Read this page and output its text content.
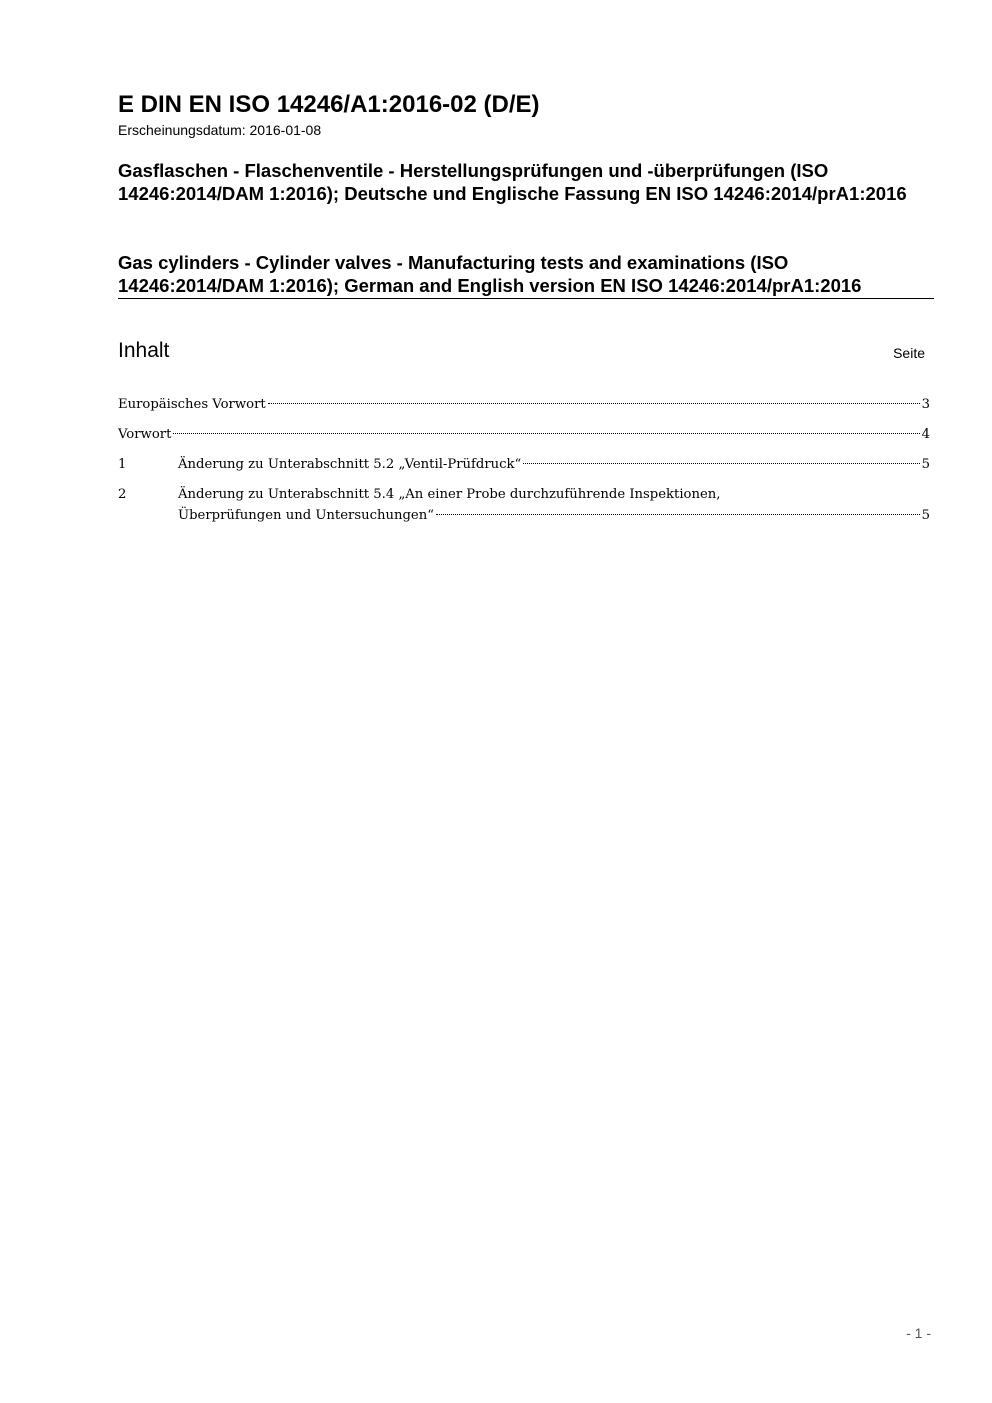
E DIN EN ISO 14246/A1:2016-02 (D/E)
Erscheinungsdatum: 2016-01-08
Gasflaschen - Flaschenventile - Herstellungsprüfungen und -überprüfungen (ISO 14246:2014/DAM 1:2016); Deutsche und Englische Fassung EN ISO 14246:2014/prA1:2016
Gas cylinders - Cylinder valves - Manufacturing tests and examinations (ISO 14246:2014/DAM 1:2016); German and English version EN ISO 14246:2014/prA1:2016
Inhalt	Seite
Europäisches Vorwort	3
Vorwort	4
1	Änderung zu Unterabschnitt 5.2 „Ventil-Prüfdruck“	5
2	Änderung zu Unterabschnitt 5.4 „An einer Probe durchzuführende Inspektionen,
Überprüfungen und Untersuchungen“	5
- 1 -
